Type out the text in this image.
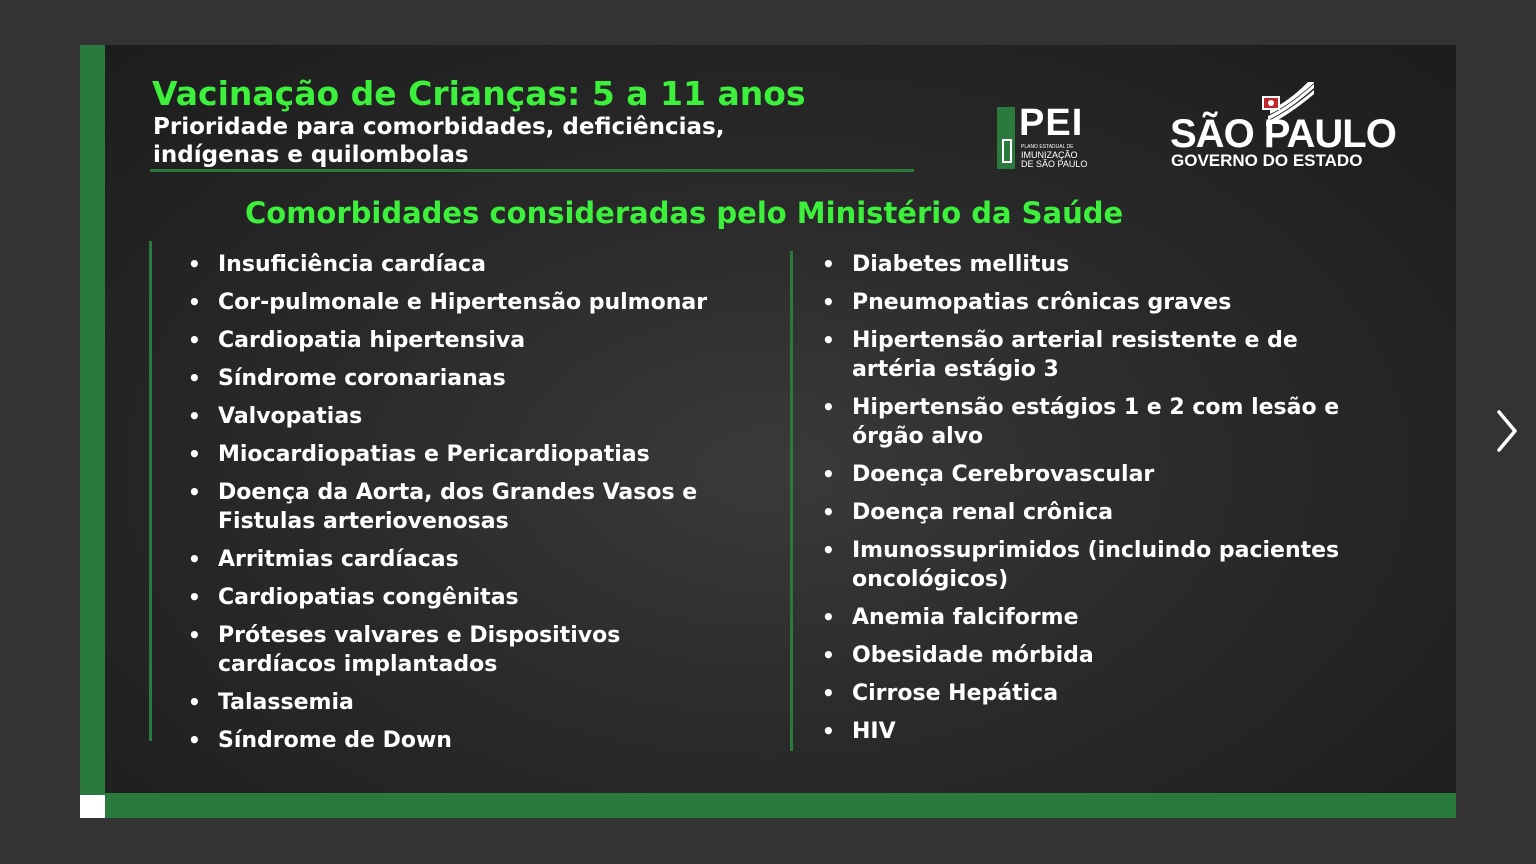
Vacinação de Crianças: 5 a 11 anos
Prioridade para comorbidades, deficiências,
indígenas e quilombolas
PEI
PLANO ESTADUAL DE
IMUNIZAÇÃO
DE SÃO PAULO
SÃO PAULO
GOVERNO DO ESTADO
Comorbidades consideradas pelo Ministério da Saúde
• Insuficiência cardíaca
• Cor-pulmonale e Hipertensão pulmonar
• Cardiopatia hipertensiva
• Síndrome coronarianas
• Valvopatias
• Miocardiopatias e Pericardiopatias
• Doença da Aorta, dos Grandes Vasos e
Fistulas arteriovenosas
• Arritmias cardíacas
• Cardiopatias congênitas
• Próteses valvares e Dispositivos
cardíacos implantados
• Talassemia
• Síndrome de Down
• Diabetes mellitus
• Pneumopatias crônicas graves
• Hipertensão arterial resistente e de
artéria estágio 3
• Hipertensão estágios 1 e 2 com lesão e
órgão alvo
• Doença Cerebrovascular
• Doença renal crônica
• Imunossuprimidos (incluindo pacientes
oncológicos)
• Anemia falciforme
• Obesidade mórbida
• Cirrose Hepática
• HIV
